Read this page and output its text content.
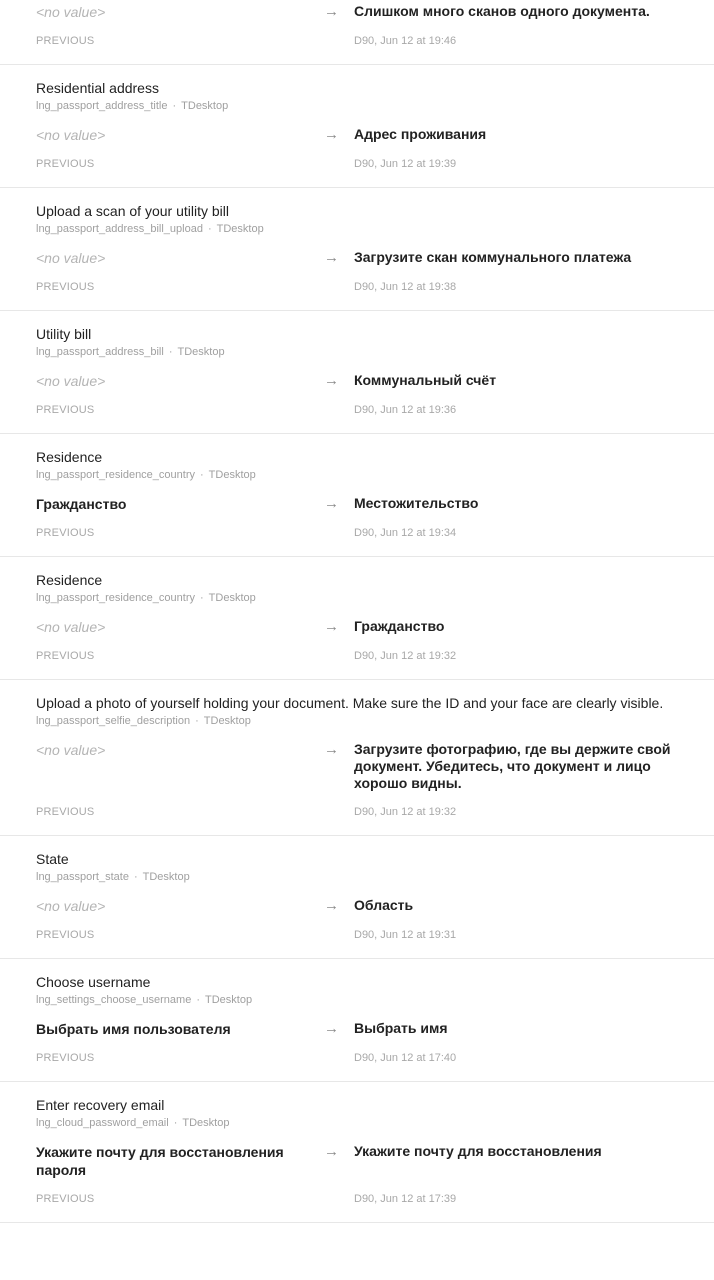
<no value>	→	Слишком много сканов одного документа.
PREVIOUS	D90, Jun 12 at 19:46
Residential address
lng_passport_address_title · TDesktop
<no value>	→	Адрес проживания
PREVIOUS	D90, Jun 12 at 19:39
Upload a scan of your utility bill
lng_passport_address_bill_upload · TDesktop
<no value>	→	Загрузите скан коммунального платежа
PREVIOUS	D90, Jun 12 at 19:38
Utility bill
lng_passport_address_bill · TDesktop
<no value>	→	Коммунальный счёт
PREVIOUS	D90, Jun 12 at 19:36
Residence
lng_passport_residence_country · TDesktop
Гражданство	→	Местожительство
PREVIOUS	D90, Jun 12 at 19:34
Residence
lng_passport_residence_country · TDesktop
<no value>	→	Гражданство
PREVIOUS	D90, Jun 12 at 19:32
Upload a photo of yourself holding your document. Make sure the ID and your face are clearly visible.
lng_passport_selfie_description · TDesktop
<no value>	→	Загрузите фотографию, где вы держите свой документ. Убедитесь, что документ и лицо хорошо видны.
PREVIOUS	D90, Jun 12 at 19:32
State
lng_passport_state · TDesktop
<no value>	→	Область
PREVIOUS	D90, Jun 12 at 19:31
Choose username
lng_settings_choose_username · TDesktop
Выбрать имя пользователя	→	Выбрать имя
PREVIOUS	D90, Jun 12 at 17:40
Enter recovery email
lng_cloud_password_email · TDesktop
Укажите почту для восстановления пароля
→	Укажите почту для восстановления
PREVIOUS	D90, Jun 12 at 17:39
